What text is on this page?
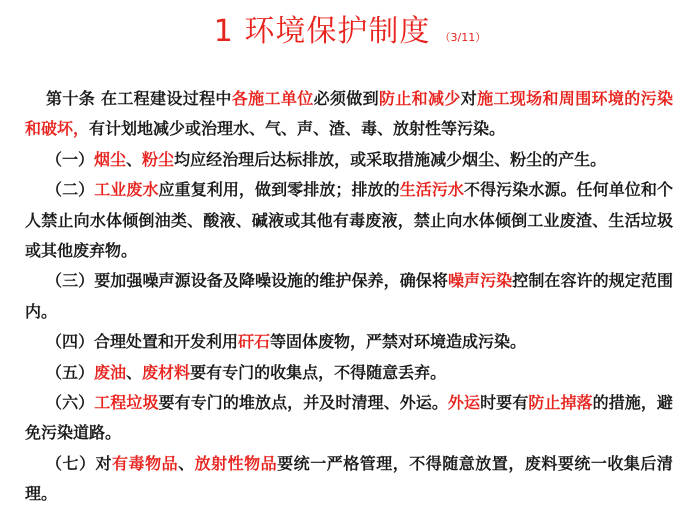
1 环境保护制度 （3/11）

第十条 在工程建设过程中各施工单位必须做到防止和减少对施工现场和周围环境的污染和破坏，有计划地减少或治理水、气、声、渣、毒、放射性等污染。

（一）烟尘、粉尘均应经治理后达标排放，或采取措施减少烟尘、粉尘的产生。

（二）工业废水应重复利用，做到零排放；排放的生活污水不得污染水源。任何单位和个人禁止向水体倾倒油类、酸液、碱液或其他有毒废液，禁止向水体倾倒工业废渣、生活垃圾或其他废弃物。

（三）要加强噪声源设备及降噪设施的维护保养，确保将噪声污染控制在容许的规定范围内。

（四）合理处置和开发利用矸石等固体废物，严禁对环境造成污染。

（五）废油、废材料要有专门的收集点，不得随意丢弃。

（六）工程垃圾要有专门的堆放点，并及时清理、外运。外运时要有防止掉落的措施，避免污染道路。

（七）对有毒物品、放射性物品要统一严格管理，不得随意放置，废料要统一收集后清理。
